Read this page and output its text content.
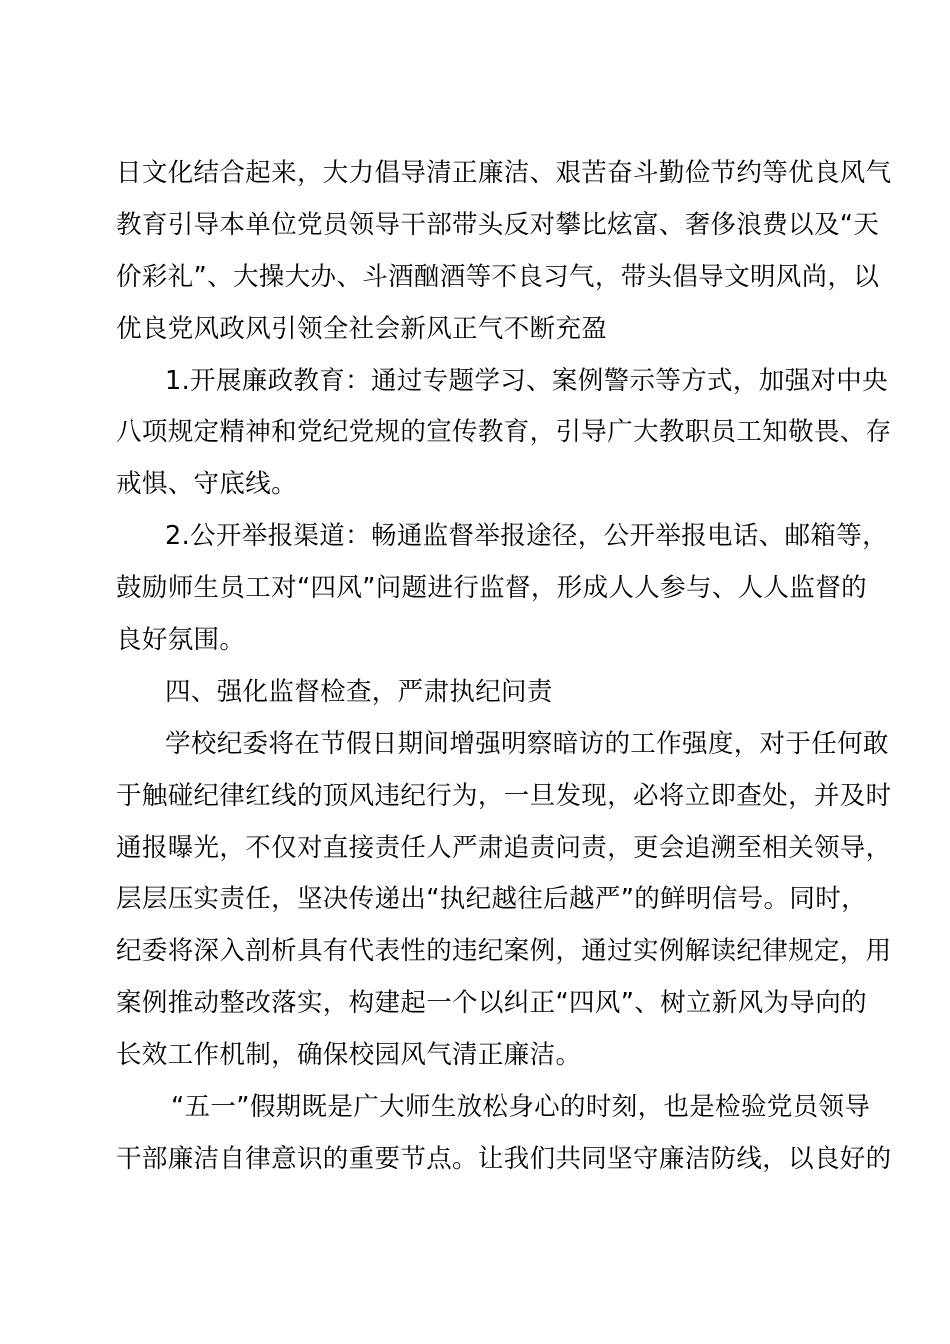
日文化结合起来，大力倡导清正廉洁、艰苦奋斗勤俭节约等优良风气
教育引导本单位党员领导干部带头反对攀比炫富、奢侈浪费以及“天
价彩礼”、大操大办、斗酒酗酒等不良习气，带头倡导文明风尚，以
优良党风政风引领全社会新风正气不断充盈
1.开展廉政教育：通过专题学习、案例警示等方式，加强对中央
八项规定精神和党纪党规的宣传教育，引导广大教职员工知敬畏、存
戒惧、守底线。
2.公开举报渠道：畅通监督举报途径，公开举报电话、邮箱等，
鼓励师生员工对“四风”问题进行监督，形成人人参与、人人监督的
良好氛围。
四、强化监督检查，严肃执纪问责
学校纪委将在节假日期间增强明察暗访的工作强度，对于任何敢
于触碰纪律红线的顶风违纪行为，一旦发现，必将立即查处，并及时
通报曝光，不仅对直接责任人严肃追责问责，更会追溯至相关领导，
层层压实责任，坚决传递出“执纪越往后越严”的鲜明信号。同时，
纪委将深入剖析具有代表性的违纪案例，通过实例解读纪律规定，用
案例推动整改落实，构建起一个以纠正“四风”、树立新风为导向的
长效工作机制，确保校园风气清正廉洁。
“五一”假期既是广大师生放松身心的时刻，也是检验党员领导
干部廉洁自律意识的重要节点。让我们共同坚守廉洁防线，以良好的
